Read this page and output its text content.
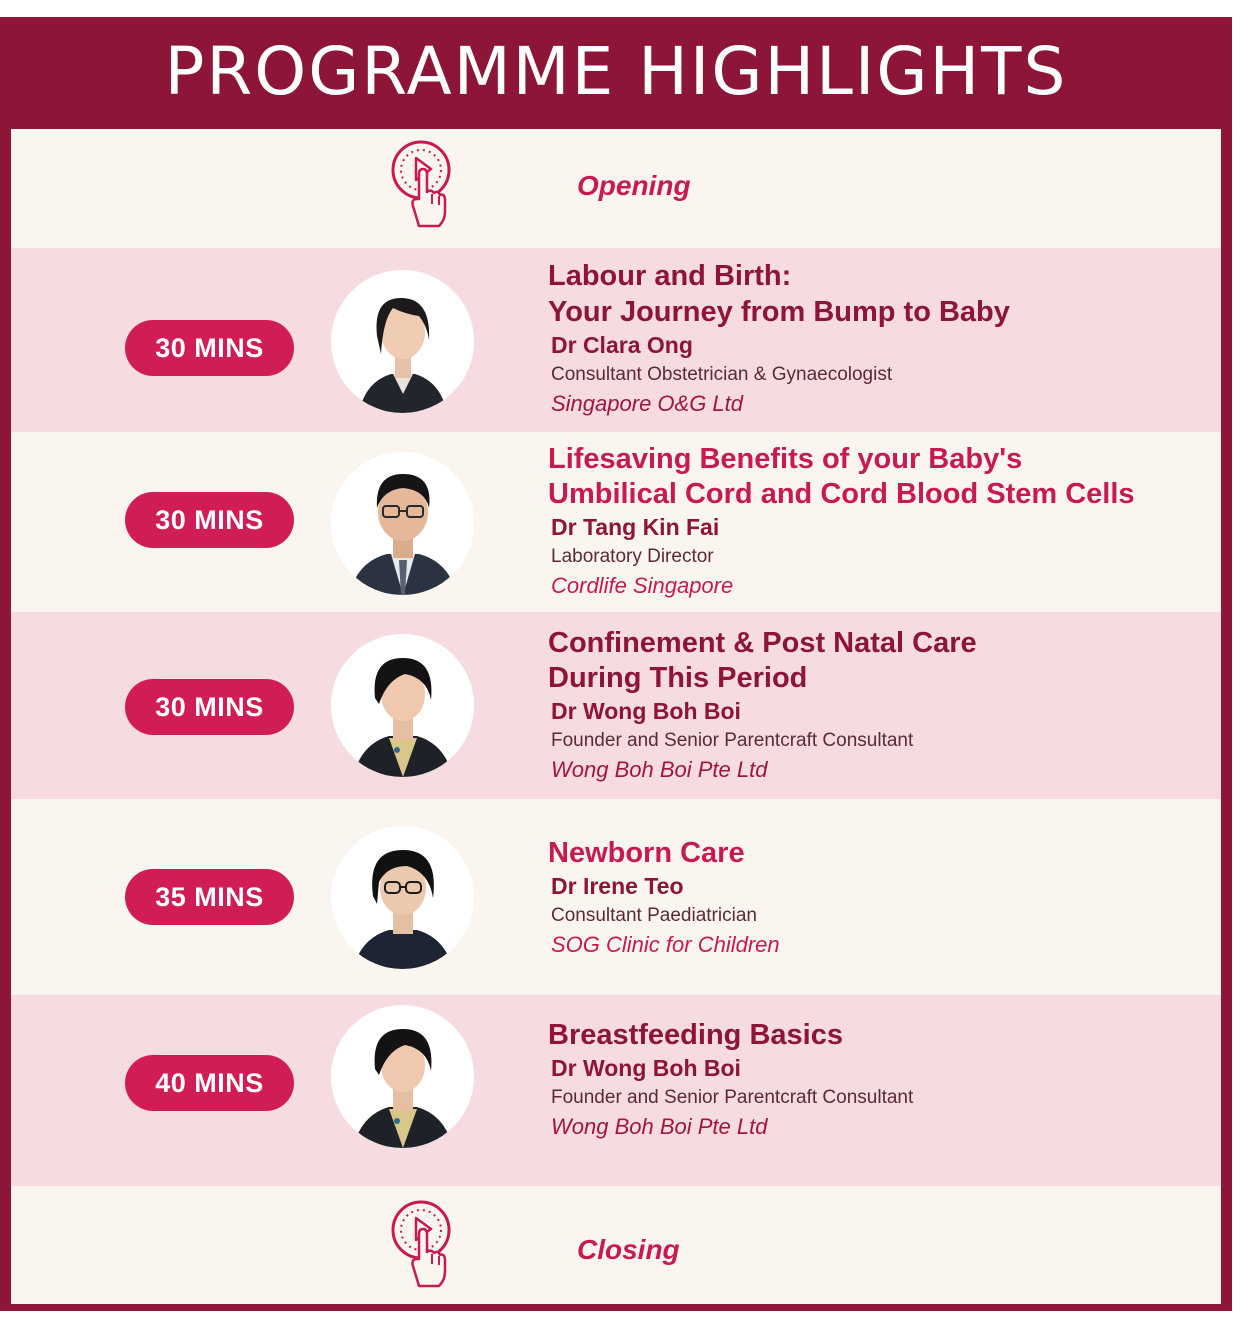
PROGRAMME HIGHLIGHTS
Opening
30 MINS
Labour and Birth:
Your Journey from Bump to Baby
Dr Clara Ong
Consultant Obstetrician & Gynaecologist
Singapore O&G Ltd
30 MINS
Lifesaving Benefits of your Baby's
Umbilical Cord and Cord Blood Stem Cells
Dr Tang Kin Fai
Laboratory Director
Cordlife Singapore
30 MINS
Confinement & Post Natal Care
During This Period
Dr Wong Boh Boi
Founder and Senior Parentcraft Consultant
Wong Boh Boi Pte Ltd
35 MINS
Newborn Care
Dr Irene Teo
Consultant Paediatrician
SOG Clinic for Children
40 MINS
Breastfeeding Basics
Dr Wong Boh Boi
Founder and Senior Parentcraft Consultant
Wong Boh Boi Pte Ltd
Closing
